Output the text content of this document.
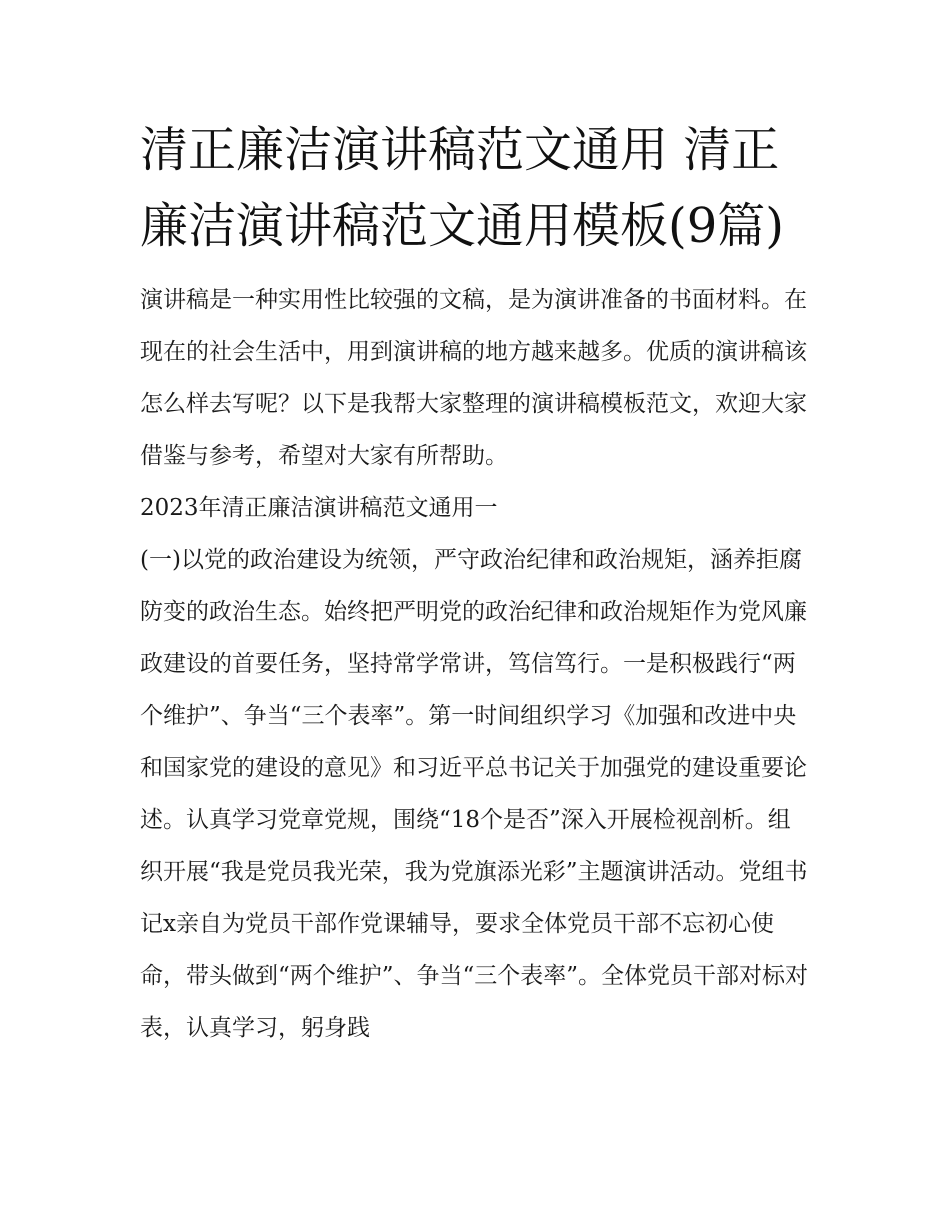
清正廉洁演讲稿范文通用 清正廉洁演讲稿范文通用模板(9篇)

演讲稿是一种实用性比较强的文稿，是为演讲准备的书面材料。在现在的社会生活中，用到演讲稿的地方越来越多。优质的演讲稿该怎么样去写呢？以下是我帮大家整理的演讲稿模板范文，欢迎大家借鉴与参考，希望对大家有所帮助。

2023年清正廉洁演讲稿范文通用一

(一)以党的政治建设为统领，严守政治纪律和政治规矩，涵养拒腐防变的政治生态。始终把严明党的政治纪律和政治规矩作为党风廉政建设的首要任务，坚持常学常讲，笃信笃行。一是积极践行“两个维护”、争当“三个表率”。第一时间组织学习《加强和改进中央和国家党的建设的意见》和习近平总书记关于加强党的建设重要论述。认真学习党章党规，围绕“18个是否”深入开展检视剖析。组织开展“我是党员我光荣，我为党旗添光彩”主题演讲活动。党组书记x亲自为党员干部作党课辅导，要求全体党员干部不忘初心使命，带头做到“两个维护”、争当“三个表率”。全体党员干部对标对表，认真学习，躬身践
